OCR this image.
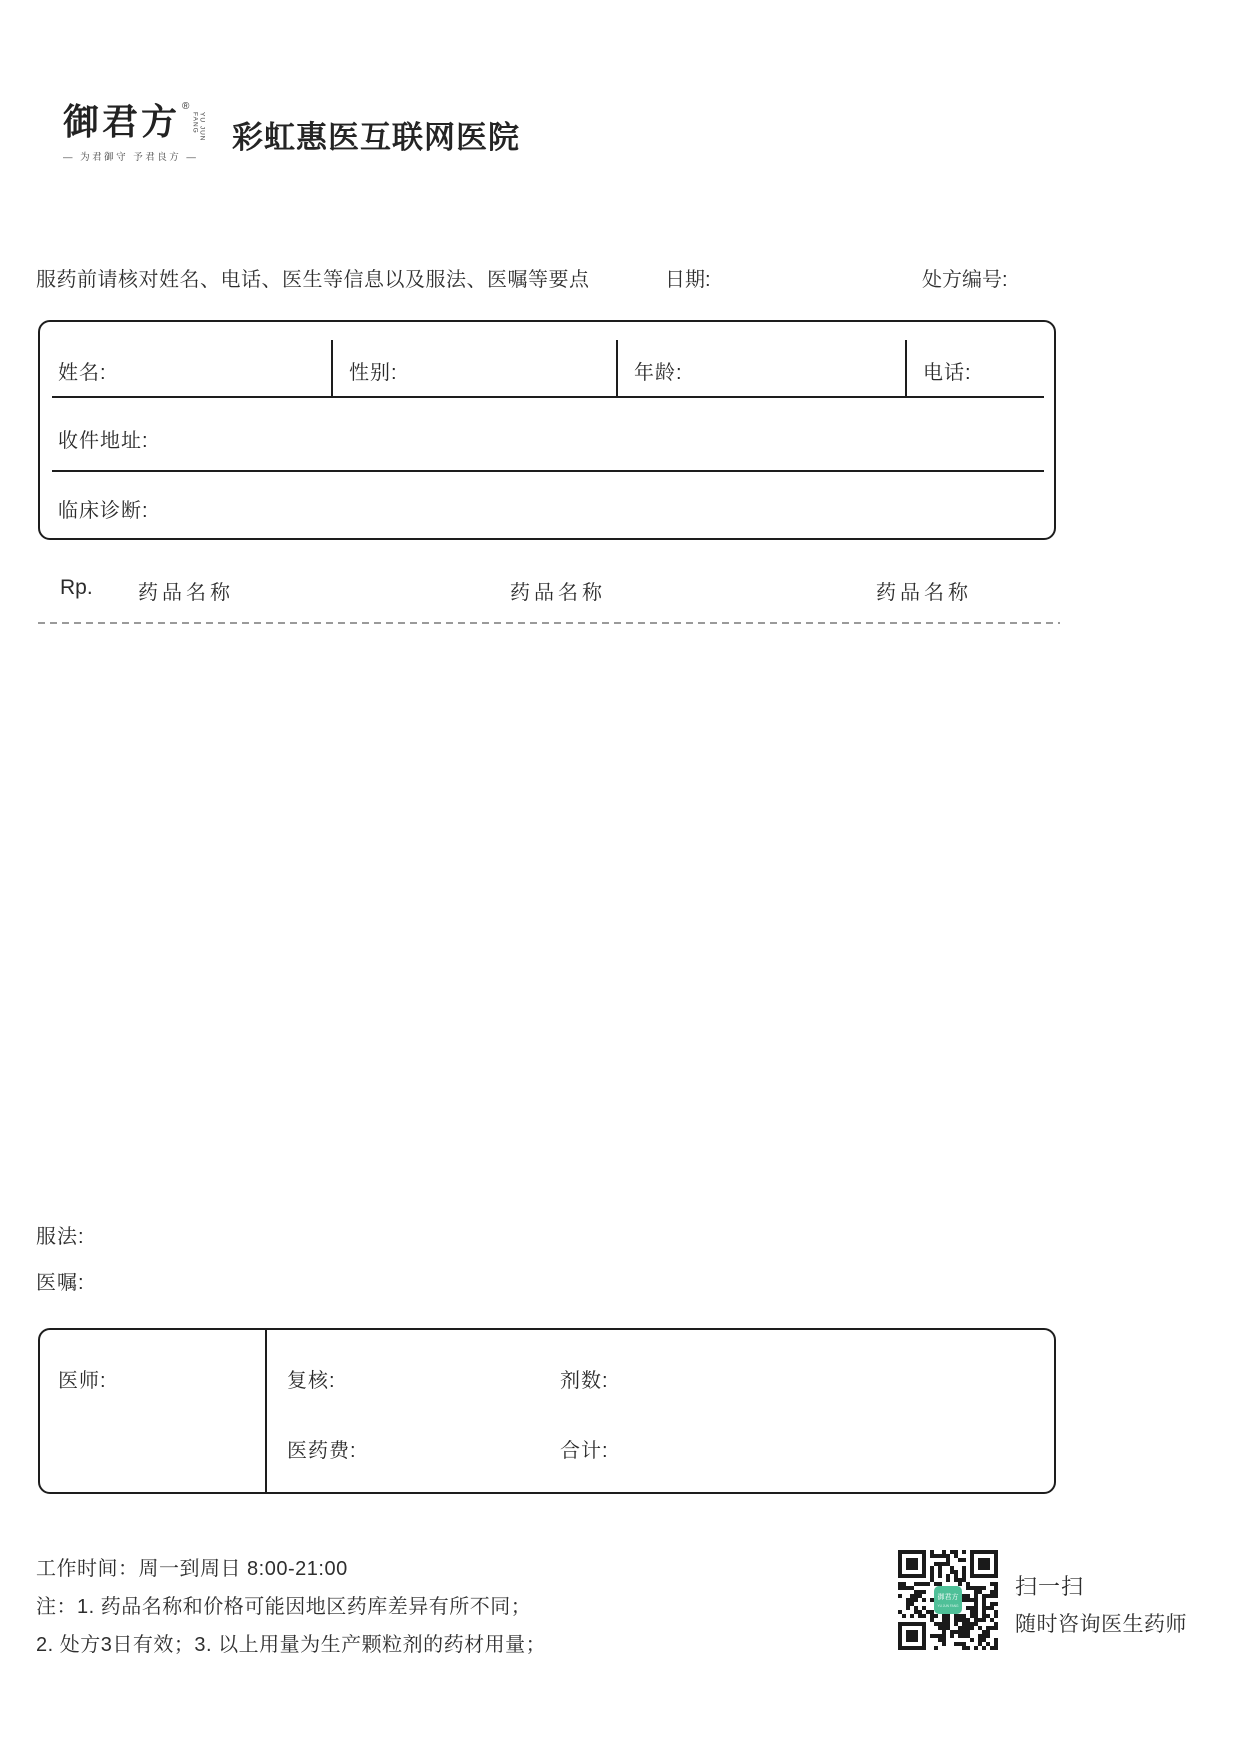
御君方 ®
YU JUN FANG
— 为君御守 予君良方 —
彩虹惠医互联网医院
服药前请核对姓名、电话、医生等信息以及服法、医嘱等要点	日期:	处方编号:
姓名:	性别:	年龄:	电话:
收件地址:
临床诊断:
Rp. 药品名称	药品名称	药品名称
服法:
医嘱:
医师:	复核:	剂数:
医药费:	合计:
工作时间：周一到周日 8:00-21:00
注：1. 药品名称和价格可能因地区药库差异有所不同；
2. 处方3日有效；3. 以上用量为生产颗粒剂的药材用量；
御君方
YU JUN FANG
扫一扫
随时咨询医生药师
